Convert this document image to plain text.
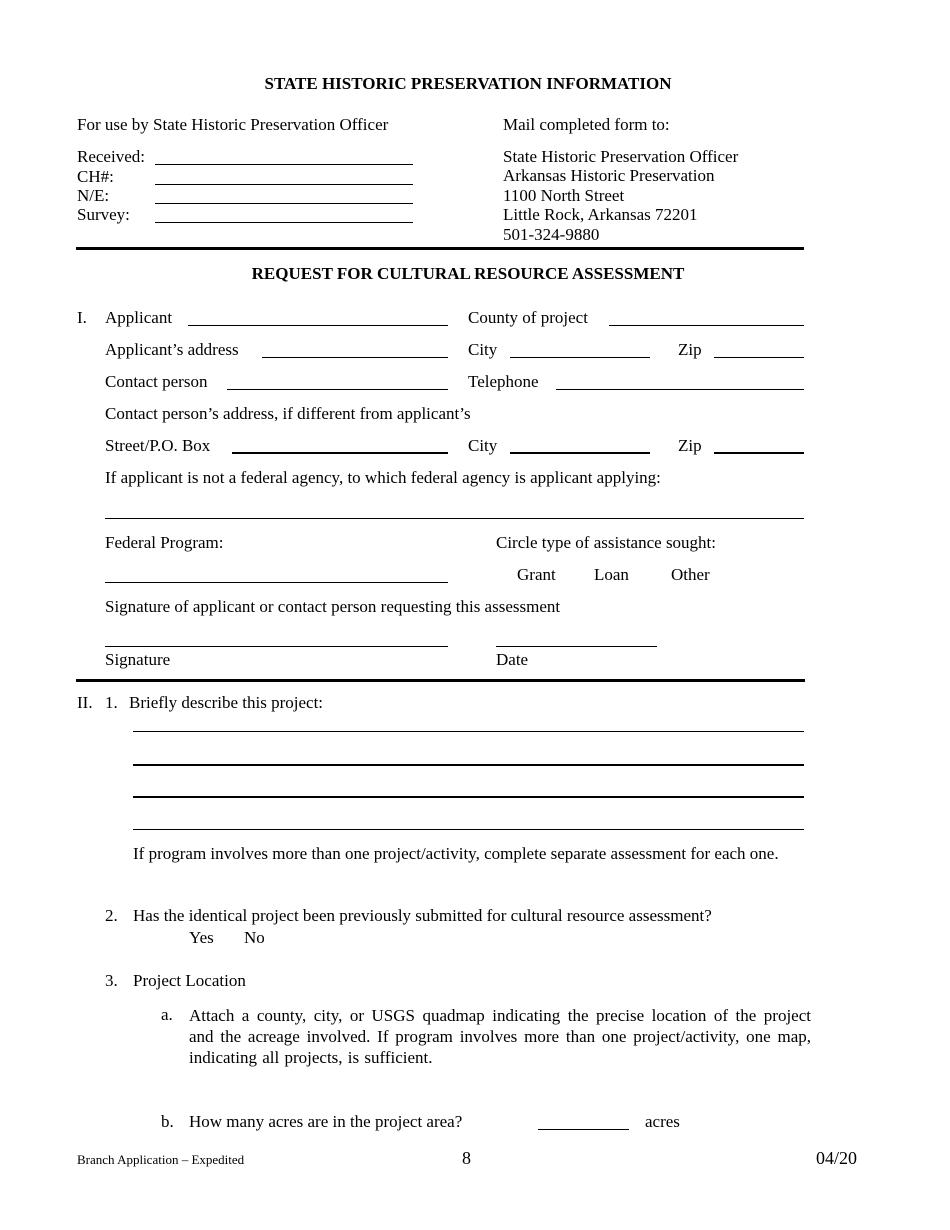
STATE HISTORIC PRESERVATION INFORMATION
For use by State Historic Preservation Officer
Received:
CH#:
N/E:
Survey:
Mail completed form to:
State Historic Preservation Officer
Arkansas Historic Preservation
1100 North Street
Little Rock, Arkansas 72201
501-324-9880
REQUEST FOR CULTURAL RESOURCE ASSESSMENT
I. Applicant	County of project
Applicant’s address	City	Zip
Contact person	Telephone
Contact person’s address, if different from applicant’s
Street/P.O. Box	City	Zip
If applicant is not a federal agency, to which federal agency is applicant applying:
Federal Program:	Circle type of assistance sought:
Grant Loan Other
Signature of applicant or contact person requesting this assessment
Signature	Date
II. 1. Briefly describe this project:
If program involves more than one project/activity, complete separate assessment for each one.
2. Has the identical project been previously submitted for cultural resource assessment?
Yes No
3. Project Location
a. Attach a county, city, or USGS quadmap indicating the precise location of the project and the acreage involved. If program involves more than one project/activity, one map, indicating all projects, is sufficient.
b. How many acres are in the project area?	acres
Branch Application – Expedited	8	04/20
